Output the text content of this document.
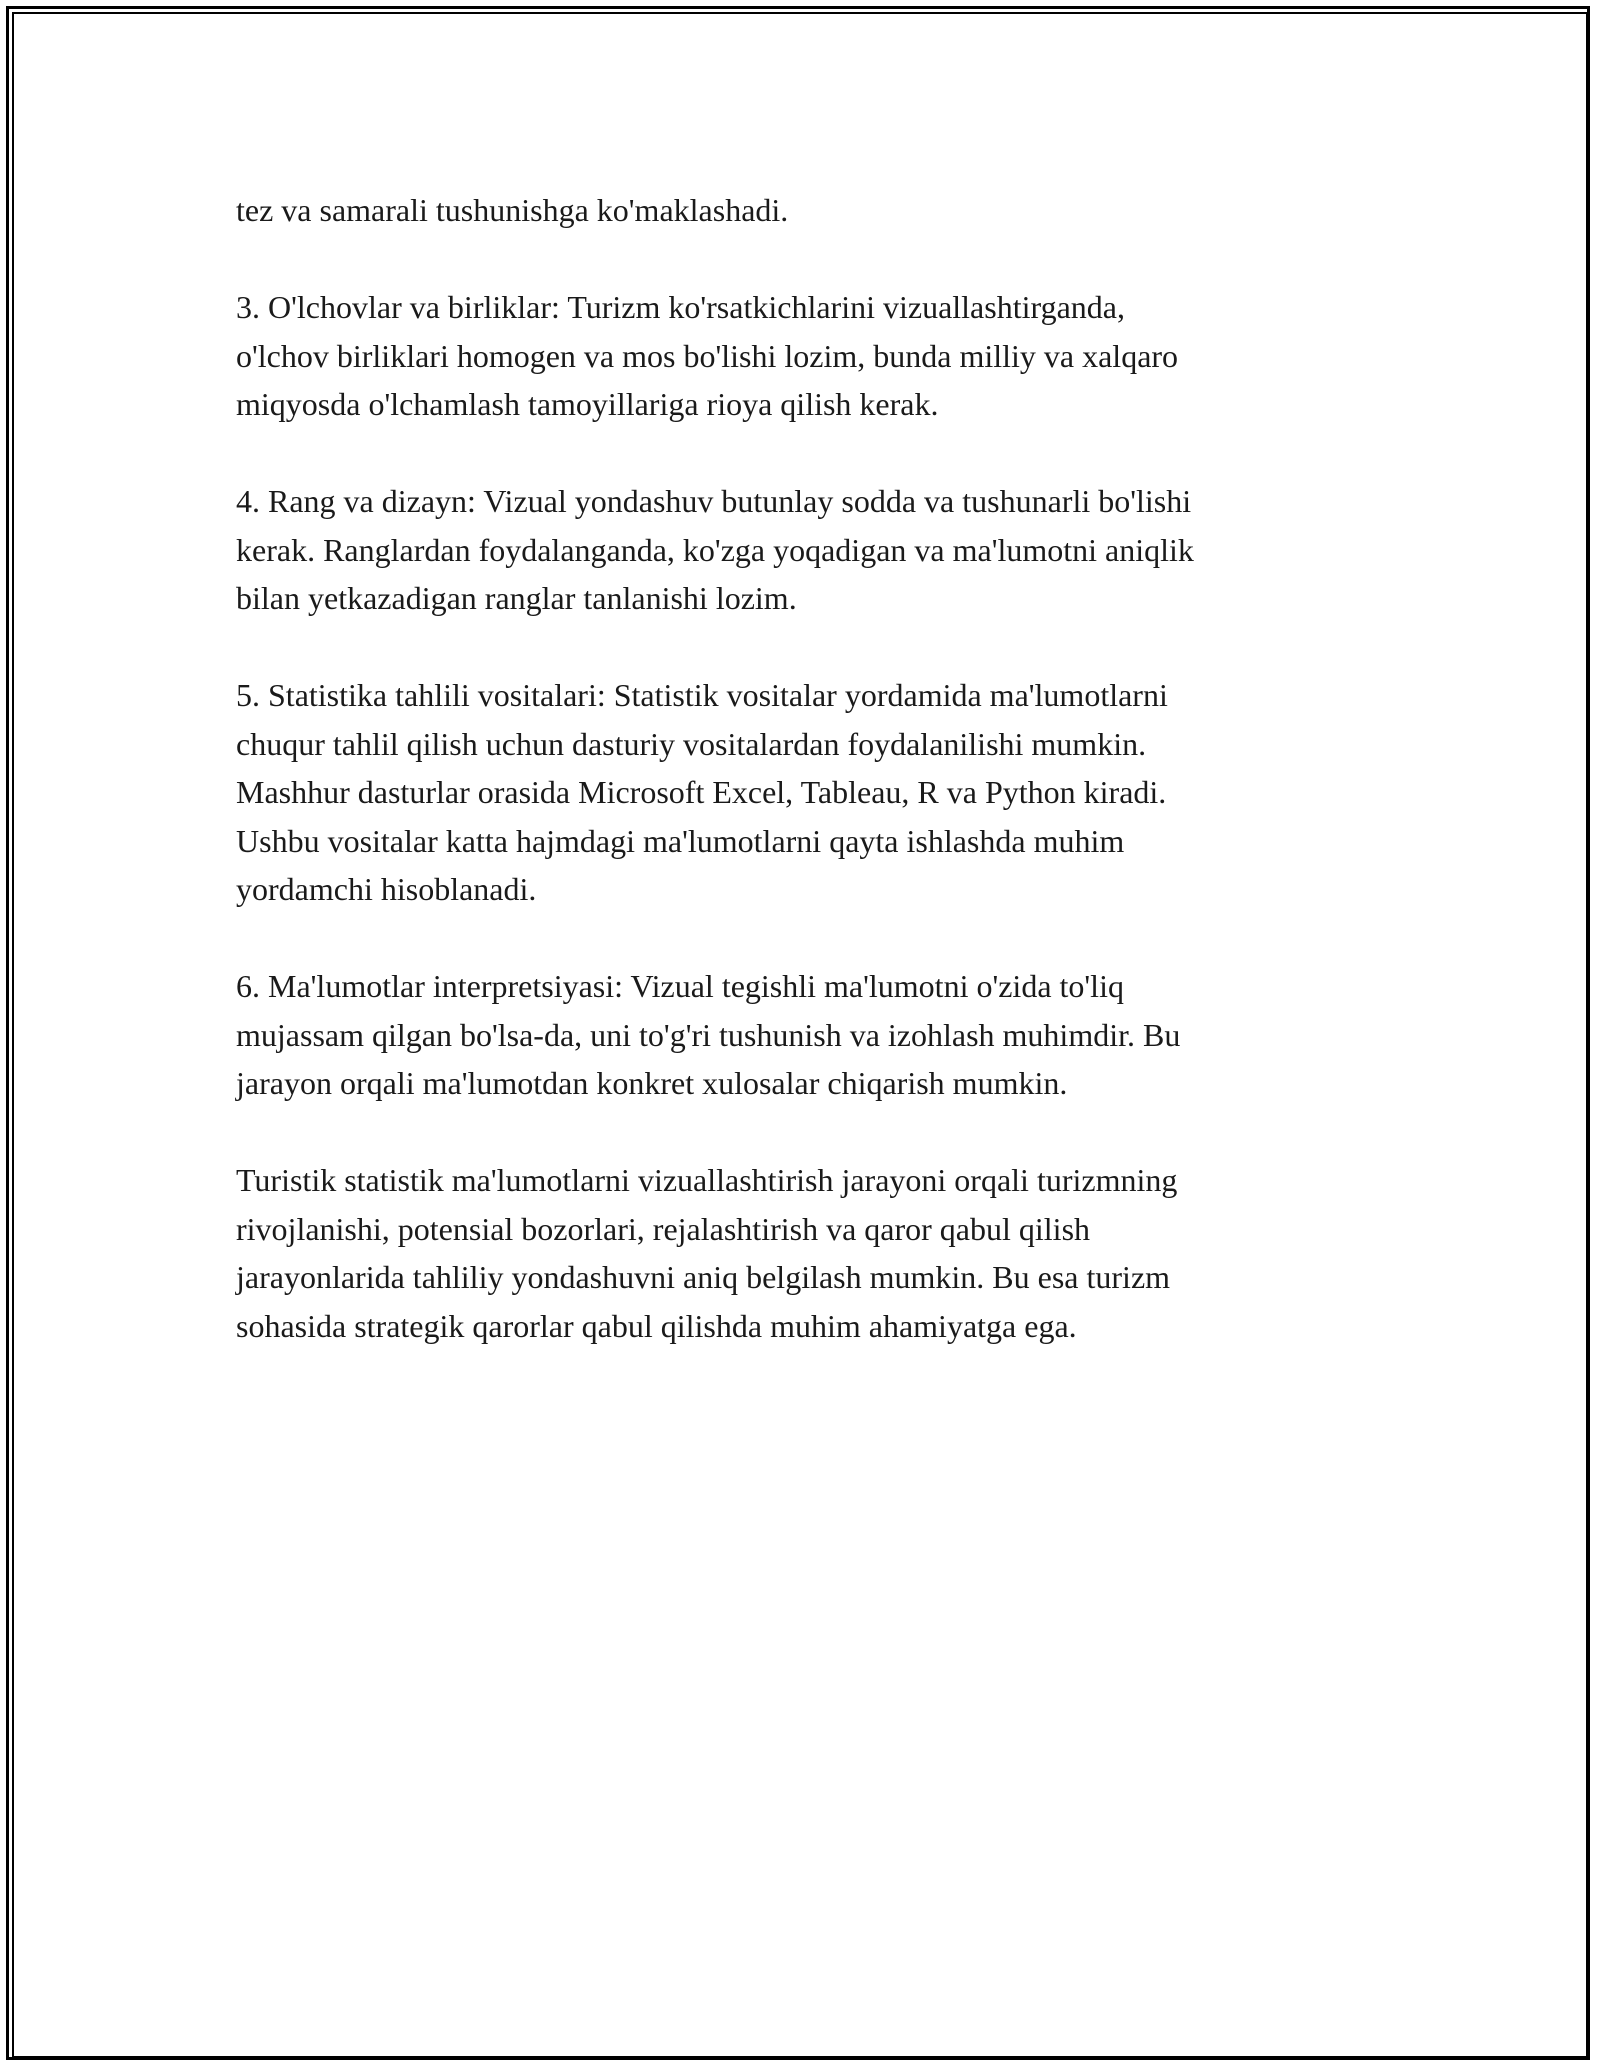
tez va samarali tushunishga ko'maklashadi.

3. O'lchovlar va birliklar: Turizm ko'rsatkichlarini vizuallashtirganda,
o'lchov birliklari homogen va mos bo'lishi lozim, bunda milliy va xalqaro
miqyosda o'lchamlash tamoyillariga rioya qilish kerak.

4. Rang va dizayn: Vizual yondashuv butunlay sodda va tushunarli bo'lishi
kerak. Ranglardan foydalanganda, ko'zga yoqadigan va ma'lumotni aniqlik
bilan yetkazadigan ranglar tanlanishi lozim.

5. Statistika tahlili vositalari: Statistik vositalar yordamida ma'lumotlarni
chuqur tahlil qilish uchun dasturiy vositalardan foydalanilishi mumkin.
Mashhur dasturlar orasida Microsoft Excel, Tableau, R va Python kiradi.
Ushbu vositalar katta hajmdagi ma'lumotlarni qayta ishlashda muhim
yordamchi hisoblanadi.

6. Ma'lumotlar interpretsiyasi: Vizual tegishli ma'lumotni o'zida to'liq
mujassam qilgan bo'lsa-da, uni to'g'ri tushunish va izohlash muhimdir. Bu
jarayon orqali ma'lumotdan konkret xulosalar chiqarish mumkin.

Turistik statistik ma'lumotlarni vizuallashtirish jarayoni orqali turizmning
rivojlanishi, potensial bozorlari, rejalashtirish va qaror qabul qilish
jarayonlarida tahliliy yondashuvni aniq belgilash mumkin. Bu esa turizm
sohasida strategik qarorlar qabul qilishda muhim ahamiyatga ega.
